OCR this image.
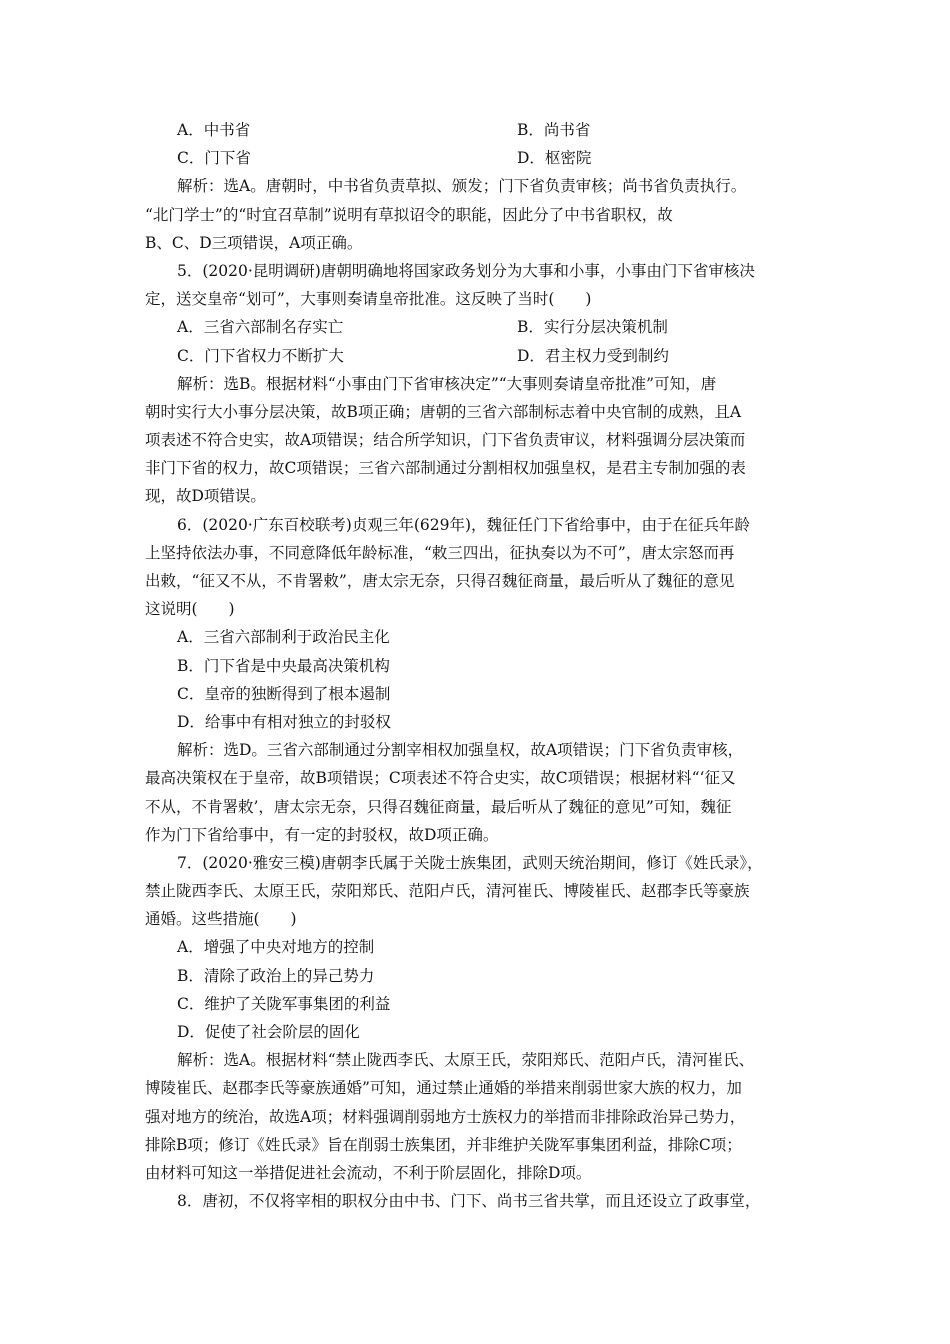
A．中书省	B．尚书省
C．门下省	D．枢密院
解析：选A。唐朝时，中书省负责草拟、颁发；门下省负责审核；尚书省负责执行。
“北门学士”的“时宜召草制”说明有草拟诏令的职能，因此分了中书省职权，故
B、C、D三项错误，A项正确。
5．(2020·昆明调研)唐朝明确地将国家政务划分为大事和小事，小事由门下省审核决
定，送交皇帝“划可”，大事则奏请皇帝批准。这反映了当时(　　)
A．三省六部制名存实亡	B．实行分层决策机制
C．门下省权力不断扩大	D．君主权力受到制约
解析：选B。根据材料“小事由门下省审核决定”“大事则奏请皇帝批准”可知，唐
朝时实行大小事分层决策，故B项正确；唐朝的三省六部制标志着中央官制的成熟，且A
项表述不符合史实，故A项错误；结合所学知识，门下省负责审议，材料强调分层决策而
非门下省的权力，故C项错误；三省六部制通过分割相权加强皇权，是君主专制加强的表
现，故D项错误。
6．(2020·广东百校联考)贞观三年(629年)，魏征任门下省给事中，由于在征兵年龄
上坚持依法办事，不同意降低年龄标准，“敕三四出，征执奏以为不可”，唐太宗怒而再
出敕，“征又不从，不肯署敕”，唐太宗无奈，只得召魏征商量，最后听从了魏征的意见
这说明(　　)
A．三省六部制利于政治民主化
B．门下省是中央最高决策机构
C．皇帝的独断得到了根本遏制
D．给事中有相对独立的封驳权
解析：选D。三省六部制通过分割宰相权加强皇权，故A项错误；门下省负责审核，
最高决策权在于皇帝，故B项错误；C项表述不符合史实，故C项错误；根据材料“‘征又
不从，不肯署敕’，唐太宗无奈，只得召魏征商量，最后听从了魏征的意见”可知，魏征
作为门下省给事中，有一定的封驳权，故D项正确。
7．(2020·雅安三模)唐朝李氏属于关陇士族集团，武则天统治期间，修订《姓氏录》，
禁止陇西李氏、太原王氏，荥阳郑氏、范阳卢氏，清河崔氏、博陵崔氏、赵郡李氏等豪族
通婚。这些措施(　　)
A．增强了中央对地方的控制
B．清除了政治上的异己势力
C．维护了关陇军事集团的利益
D．促使了社会阶层的固化
解析：选A。根据材料“禁止陇西李氏、太原王氏，荥阳郑氏、范阳卢氏，清河崔氏、
博陵崔氏、赵郡李氏等豪族通婚”可知，通过禁止通婚的举措来削弱世家大族的权力，加
强对地方的统治，故选A项；材料强调削弱地方士族权力的举措而非排除政治异己势力，
排除B项；修订《姓氏录》旨在削弱士族集团，并非维护关陇军事集团利益，排除C项；
由材料可知这一举措促进社会流动，不利于阶层固化，排除D项。
8．唐初，不仅将宰相的职权分由中书、门下、尚书三省共掌，而且还设立了政事堂，
